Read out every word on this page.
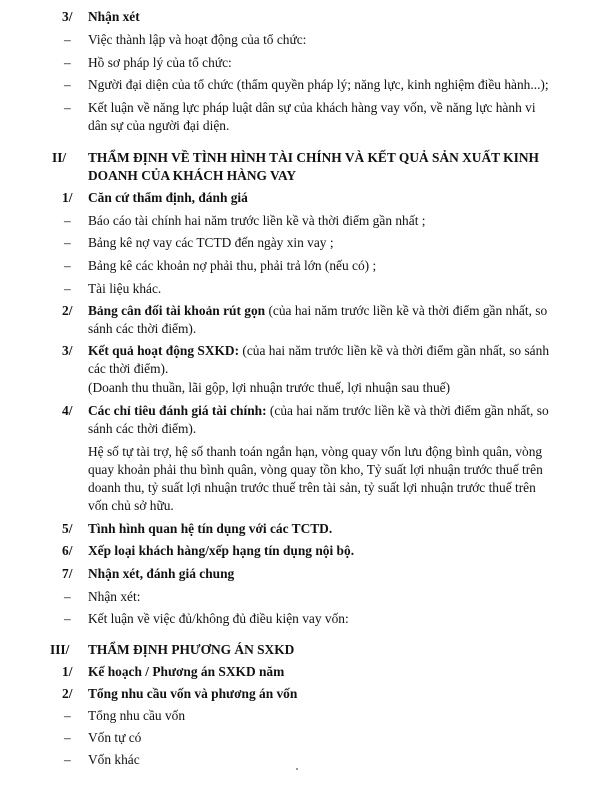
3/ Nhận xét
– Việc thành lập và hoạt động của tổ chức:
– Hồ sơ pháp lý của tổ chức:
– Người đại diện của tổ chức (thẩm quyền pháp lý; năng lực, kinh nghiệm điều hành...);
– Kết luận về năng lực pháp luật dân sự của khách hàng vay vốn, về năng lực hành vi
dân sự của người đại diện.
II/ THẨM ĐỊNH VỀ TÌNH HÌNH TÀI CHÍNH VÀ KẾT QUẢ SẢN XUẤT KINH
DOANH CỦA KHÁCH HÀNG VAY
1/ Căn cứ thẩm định, đánh giá
– Báo cáo tài chính hai năm trước liền kề và thời điểm gần nhất ;
– Bảng kê nợ vay các TCTD đến ngày xin vay ;
– Bảng kê các khoản nợ phải thu, phải trả lớn (nếu có) ;
– Tài liệu khác.
2/ Bảng cân đối tài khoản rút gọn (của hai năm trước liền kề và thời điểm gần nhất, so
sánh các thời điểm).
3/ Kết quả hoạt động SXKD: (của hai năm trước liền kề và thời điểm gần nhất, so sánh
các thời điểm).
(Doanh thu thuần, lãi gộp, lợi nhuận trước thuế, lợi nhuận sau thuế)
4/ Các chỉ tiêu đánh giá tài chính: (của hai năm trước liền kề và thời điểm gần nhất, so
sánh các thời điểm).
Hệ số tự tài trợ, hệ số thanh toán ngắn hạn, vòng quay vốn lưu động bình quân, vòng
quay khoản phải thu bình quân, vòng quay tồn kho, Tỷ suất lợi nhuận trước thuế trên
doanh thu, tỷ suất lợi nhuận trước thuế trên tài sản, tỷ suất lợi nhuận trước thuế trên
vốn chủ sở hữu.
5/ Tình hình quan hệ tín dụng với các TCTD.
6/ Xếp loại khách hàng/xếp hạng tín dụng nội bộ.
7/ Nhận xét, đánh giá chung
– Nhận xét:
– Kết luận về việc đủ/không đủ điều kiện vay vốn:
III/ THẨM ĐỊNH PHƯƠNG ÁN SXKD
1/ Kế hoạch / Phương án SXKD năm
2/ Tổng nhu cầu vốn và phương án vốn
– Tổng nhu cầu vốn
– Vốn tự có
– Vốn khác
